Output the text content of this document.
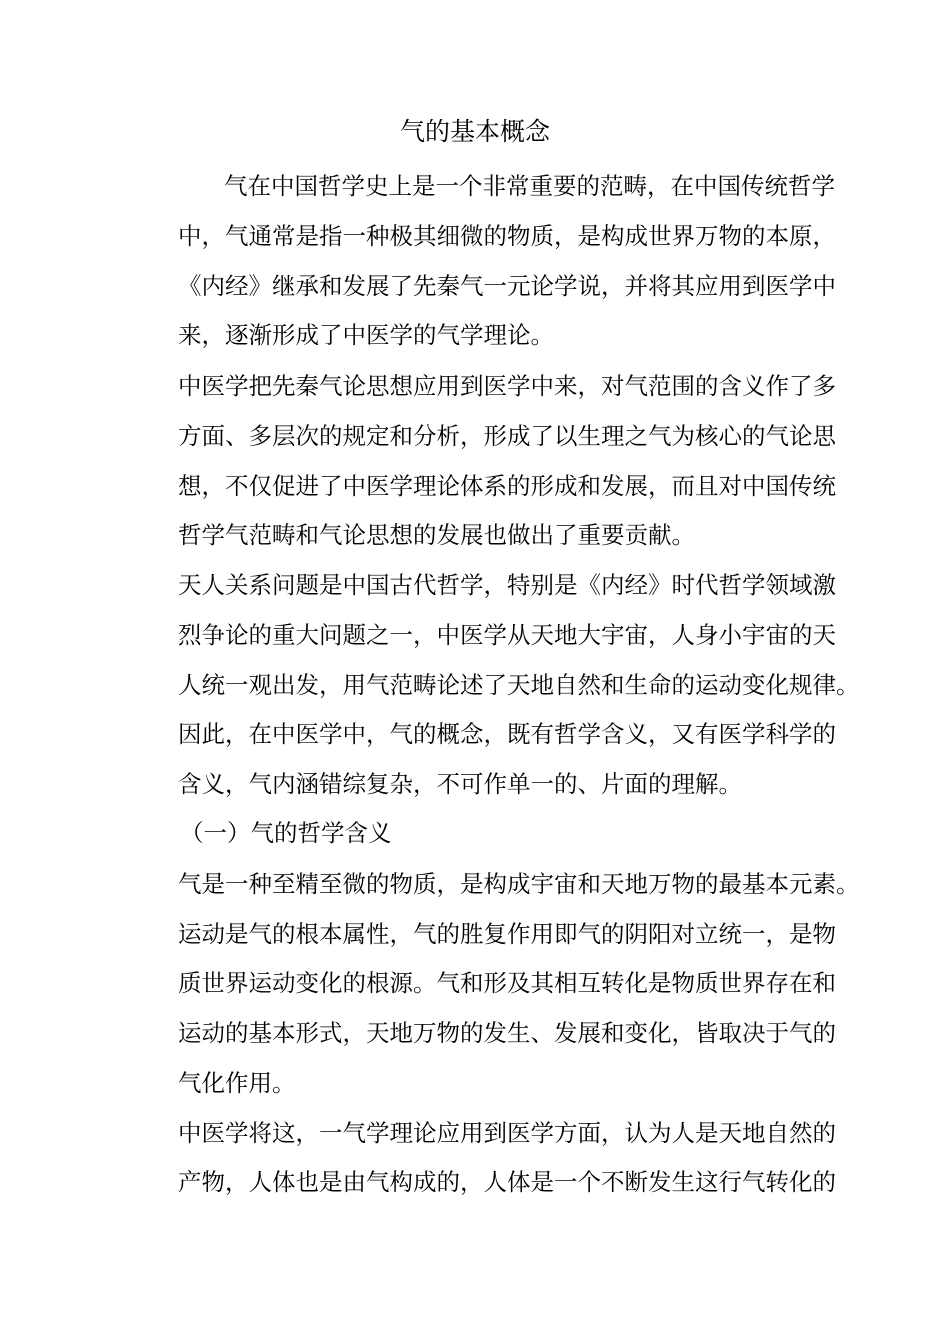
气的基本概念

气在中国哲学史上是一个非常重要的范畴，在中国传统哲学

中，气通常是指一种极其细微的物质，是构成世界万物的本原，

《内经》继承和发展了先秦气一元论学说，并将其应用到医学中

来，逐渐形成了中医学的气学理论。

中医学把先秦气论思想应用到医学中来，对气范围的含义作了多

方面、多层次的规定和分析，形成了以生理之气为核心的气论思

想，不仅促进了中医学理论体系的形成和发展，而且对中国传统

哲学气范畴和气论思想的发展也做出了重要贡献。

天人关系问题是中国古代哲学，特别是《内经》时代哲学领域激

烈争论的重大问题之一，中医学从天地大宇宙，人身小宇宙的天

人统一观出发，用气范畴论述了天地自然和生命的运动变化规律。

因此，在中医学中，气的概念，既有哲学含义，又有医学科学的

含义，气内涵错综复杂，不可作单一的、片面的理解。

（一）气的哲学含义

气是一种至精至微的物质，是构成宇宙和天地万物的最基本元素。

运动是气的根本属性，气的胜复作用即气的阴阳对立统一，是物

质世界运动变化的根源。气和形及其相互转化是物质世界存在和

运动的基本形式，天地万物的发生、发展和变化，皆取决于气的

气化作用。

中医学将这，一气学理论应用到医学方面，认为人是天地自然的

产物，人体也是由气构成的，人体是一个不断发生这行气转化的
